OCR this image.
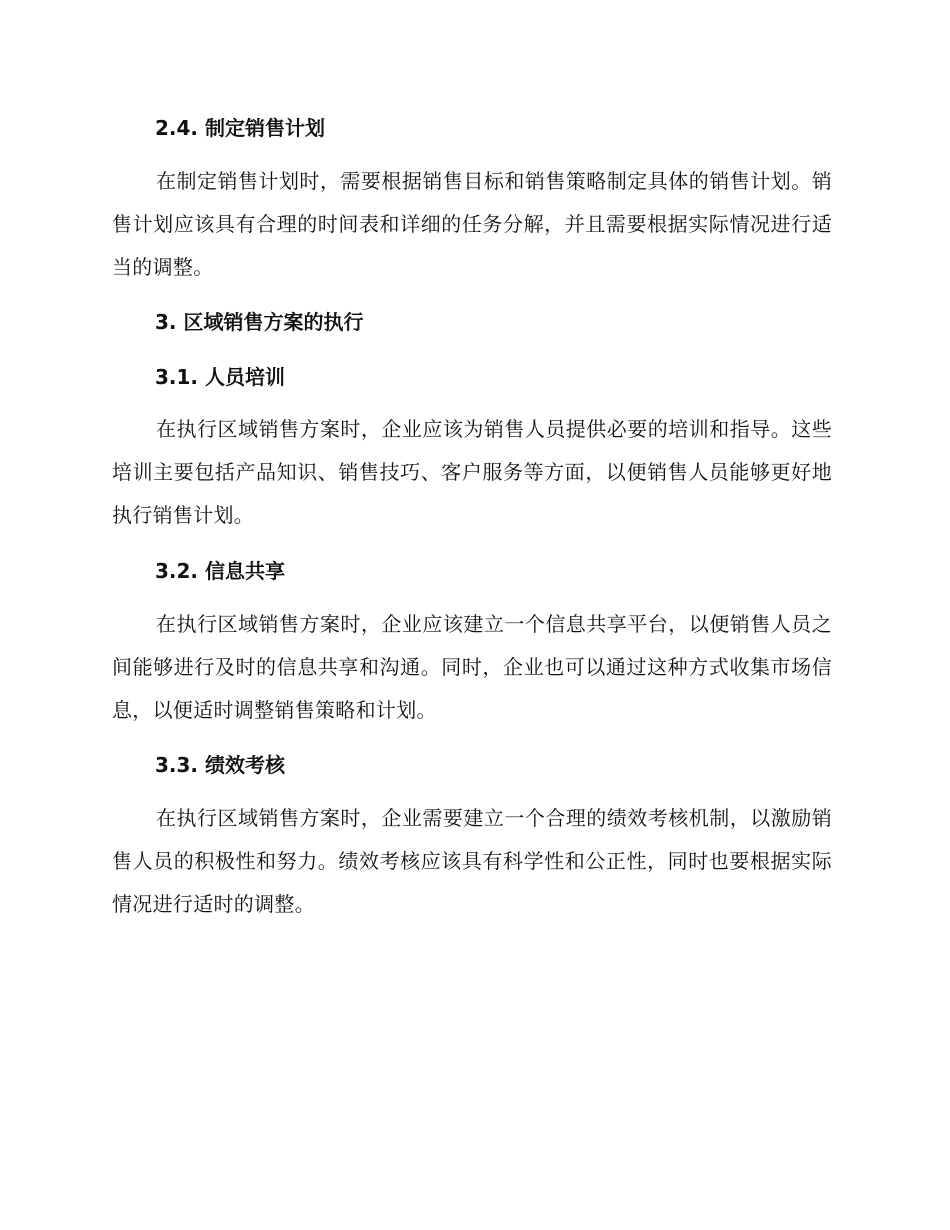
2.4. 制定销售计划
在制定销售计划时，需要根据销售目标和销售策略制定具体的销售计划。销售计划应该具有合理的时间表和详细的任务分解，并且需要根据实际情况进行适当的调整。
3. 区域销售方案的执行
3.1. 人员培训
在执行区域销售方案时，企业应该为销售人员提供必要的培训和指导。这些培训主要包括产品知识、销售技巧、客户服务等方面，以便销售人员能够更好地执行销售计划。
3.2. 信息共享
在执行区域销售方案时，企业应该建立一个信息共享平台，以便销售人员之间能够进行及时的信息共享和沟通。同时，企业也可以通过这种方式收集市场信息，以便适时调整销售策略和计划。
3.3. 绩效考核
在执行区域销售方案时，企业需要建立一个合理的绩效考核机制，以激励销售人员的积极性和努力。绩效考核应该具有科学性和公正性，同时也要根据实际情况进行适时的调整。
